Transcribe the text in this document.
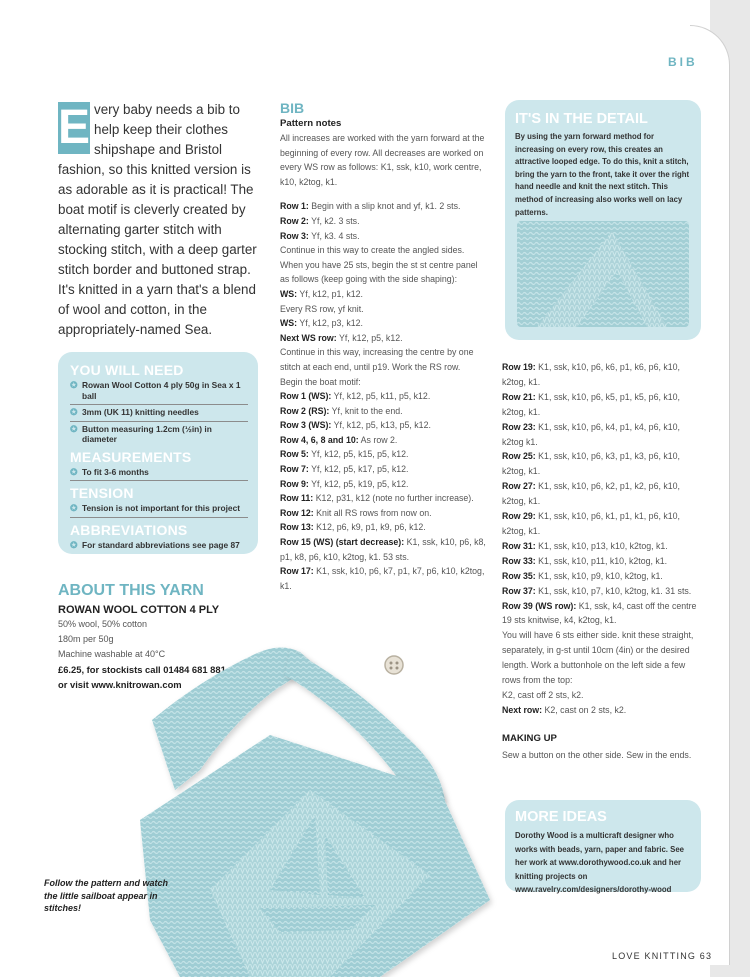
BIB
E very baby needs a bib to help keep their clothes shipshape and Bristol fashion, so this knitted version is as adorable as it is practical! The boat motif is cleverly created by alternating garter stitch with stocking stitch, with a deep garter stitch border and buttoned strap. It's knitted in a yarn that's a blend of wool and cotton, in the appropriately-named Sea.
YOU WILL NEED
✪ Rowan Wool Cotton 4 ply 50g in Sea x 1 ball
✪ 3mm (UK 11) knitting needles
✪ Button measuring 1.2cm (½in) in diameter
MEASUREMENTS
✪ To fit 3-6 months
TENSION
✪ Tension is not important for this project
ABBREVIATIONS
✪ For standard abbreviations see page 87
ABOUT THIS YARN
ROWAN WOOL COTTON 4 PLY
50% wool, 50% cotton
180m per 50g
Machine washable at 40°C
£6.25, for stockists call 01484 681 881
or visit www.knitrowan.com
BIB
Pattern notes
All increases are worked with the yarn forward at the beginning of every row. All decreases are worked on every WS row as follows: K1, ssk, k10, work centre, k10, k2tog, k1.
Row 1: Begin with a slip knot and yf, k1. 2 sts.
Row 2: Yf, k2. 3 sts.
Row 3: Yf, k3. 4 sts.
Continue in this way to create the angled sides. When you have 25 sts, begin the st st centre panel as follows (keep going with the side shaping):
WS: Yf, k12, p1, k12.
Every RS row, yf knit.
WS: Yf, k12, p3, k12.
Next WS row: Yf, k12, p5, k12.
Continue in this way, increasing the centre by one stitch at each end, until p19. Work the RS row.
Begin the boat motif:
Row 1 (WS): Yf, k12, p5, k11, p5, k12.
Row 2 (RS): Yf, knit to the end.
Row 3 (WS): Yf, k12, p5, k13, p5, k12.
Row 4, 6, 8 and 10: As row 2.
Row 5: Yf, k12, p5, k15, p5, k12.
Row 7: Yf, k12, p5, k17, p5, k12.
Row 9: Yf, k12, p5, k19, p5, k12.
Row 11: K12, p31, k12 (note no further increase).
Row 12: Knit all RS rows from now on.
Row 13: K12, p6, k9, p1, k9, p6, k12.
Row 15 (WS) (start decrease): K1, ssk, k10, p6, k8, p1, k8, p6, k10, k2tog, k1. 53 sts.
Row 17: K1, ssk, k10, p6, k7, p1, k7, p6, k10, k2tog, k1.
IT'S IN THE DETAIL
By using the yarn forward method for increasing on every row, this creates an attractive looped edge. To do this, knit a stitch, bring the yarn to the front, take it over the right hand needle and knit the next stitch. This method of increasing also works well on lacy patterns.
Row 19: K1, ssk, k10, p6, k6, p1, k6, p6, k10, k2tog, k1.
Row 21: K1, ssk, k10, p6, k5, p1, k5, p6, k10, k2tog, k1.
Row 23: K1, ssk, k10, p6, k4, p1, k4, p6, k10, k2tog k1.
Row 25: K1, ssk, k10, p6, k3, p1, k3, p6, k10, k2tog, k1.
Row 27: K1, ssk, k10, p6, k2, p1, k2, p6, k10, k2tog, k1.
Row 29: K1, ssk, k10, p6, k1, p1, k1, p6, k10, k2tog, k1.
Row 31: K1, ssk, k10, p13, k10, k2tog, k1.
Row 33: K1, ssk, k10, p11, k10, k2tog, k1.
Row 35: K1, ssk, k10, p9, k10, k2tog, k1.
Row 37: K1, ssk, k10, p7, k10, k2tog, k1. 31 sts.
Row 39 (WS row): K1, ssk, k4, cast off the centre 19 sts knitwise, k4, k2tog, k1.
You will have 6 sts either side. knit these straight, separately, in g-st until 10cm (4in) or the desired length. Work a buttonhole on the left side a few rows from the top:
K2, cast off 2 sts, k2.
Next row: K2, cast on 2 sts, k2.
MAKING UP
Sew a button on the other side. Sew in the ends.
MORE IDEAS
Dorothy Wood is a multicraft designer who works with beads, yarn, paper and fabric. See her work at www.dorothywood.co.uk and her knitting projects on www.ravelry.com/designers/dorothy-wood
Follow the pattern and watch the little sailboat appear in stitches!
LOVE KNITTING 63
